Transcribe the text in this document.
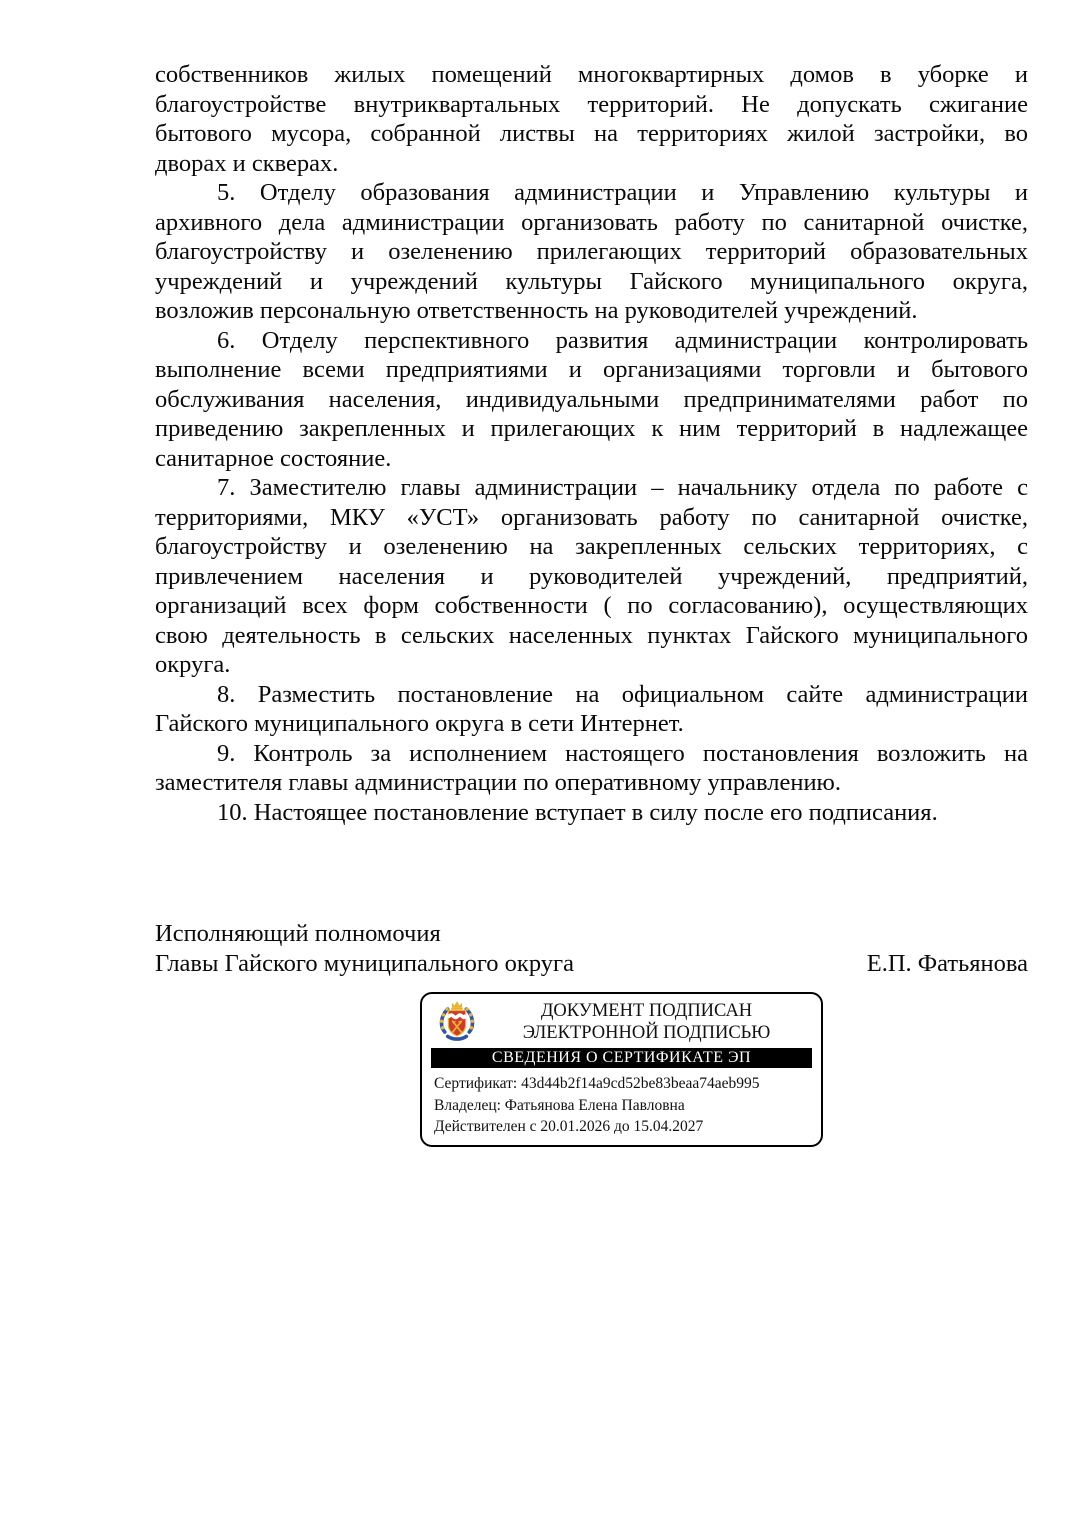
собственников жилых помещений многоквартирных домов в уборке и
благоустройстве внутриквартальных территорий. Не допускать сжигание
бытового мусора, собранной листвы на территориях жилой застройки, во
дворах и скверах.
5. Отделу образования администрации и Управлению культуры и
архивного дела администрации организовать работу по санитарной очистке,
благоустройству и озеленению прилегающих территорий образовательных
учреждений и учреждений культуры Гайского муниципального округа,
возложив персональную ответственность на руководителей учреждений.
6. Отделу перспективного развития администрации контролировать
выполнение всеми предприятиями и организациями торговли и бытового
обслуживания населения, индивидуальными предпринимателями работ по
приведению закрепленных и прилегающих к ним территорий в надлежащее
санитарное состояние.
7. Заместителю главы администрации – начальнику отдела по работе с
территориями, МКУ «УСТ» организовать работу по санитарной очистке,
благоустройству и озеленению на закрепленных сельских территориях, с
привлечением населения и руководителей учреждений, предприятий,
организаций всех форм собственности ( по согласованию), осуществляющих
свою деятельность в сельских населенных пунктах Гайского муниципального
округа.
8. Разместить постановление на официальном сайте администрации
Гайского муниципального округа в сети Интернет.
9. Контроль за исполнением настоящего постановления возложить на
заместителя главы администрации по оперативному управлению.
10. Настоящее постановление вступает в силу после его подписания.
Исполняющий полномочия
Главы Гайского муниципального округа	Е.П. Фатьянова
ДОКУМЕНТ ПОДПИСАН
ЭЛЕКТРОННОЙ ПОДПИСЬЮ
СВЕДЕНИЯ О СЕРТИФИКАТЕ ЭП
Сертификат: 43d44b2f14a9cd52be83beaa74aeb995
Владелец: Фатьянова Елена Павловна
Действителен с 20.01.2026 до 15.04.2027
